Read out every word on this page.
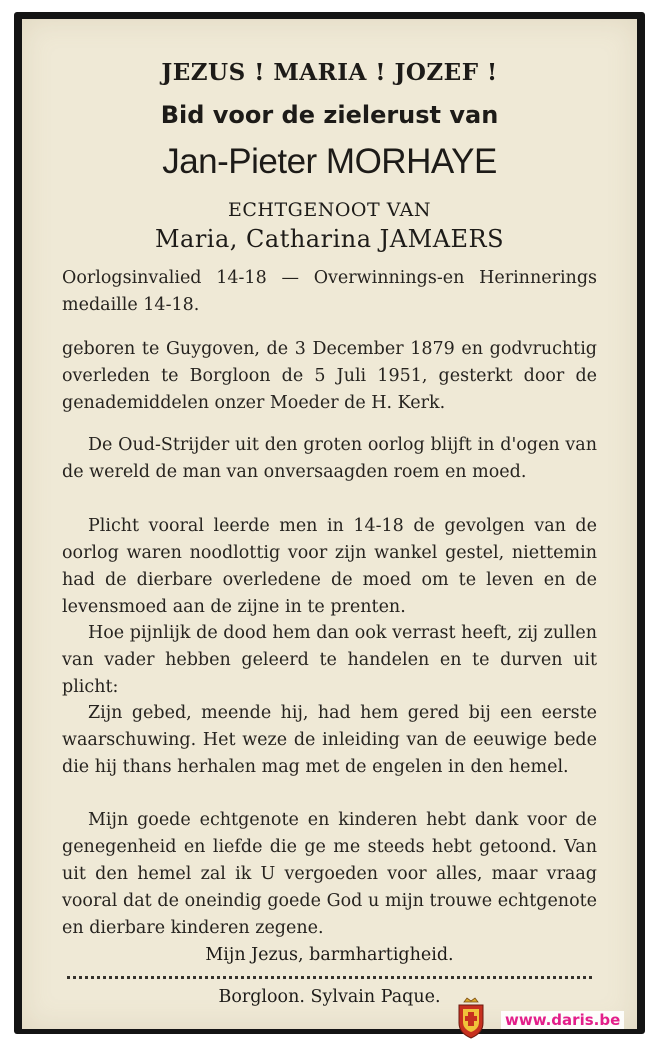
JEZUS ! MARIA ! JOZEF !
Bid voor de zielerust van
Jan-Pieter MORHAYE
ECHTGENOOT VAN
Maria, Catharina JAMAERS
Oorlogsinvalied 14-18 — Overwinnings-en Herinnerings medaille 14-18.
geboren te Guygoven, de 3 December 1879 en godvruchtig overleden te Borgloon de 5 Juli 1951, gesterkt door de genademiddelen onzer Moeder de H. Kerk.
De Oud-Strijder uit den groten oorlog blijft in d'ogen van de wereld de man van onversaagden roem en moed.
Plicht vooral leerde men in 14-18 de gevolgen van de oorlog waren noodlottig voor zijn wankel gestel, niettemin had de dierbare overledene de moed om te leven en de levensmoed aan de zijne in te prenten.
Hoe pijnlijk de dood hem dan ook verrast heeft, zij zullen van vader hebben geleerd te handelen en te durven uit plicht:
Zijn gebed, meende hij, had hem gered bij een eerste waarschuwing. Het weze de inleiding van de eeuwige bede die hij thans herhalen mag met de engelen in den hemel.
Mijn goede echtgenote en kinderen hebt dank voor de genegenheid en liefde die ge me steeds hebt getoond. Van uit den hemel zal ik U vergoeden voor alles, maar vraag vooral dat de oneindig goede God u mijn trouwe echtgenote en dierbare kinderen zegene.
Mijn Jezus, barmhartigheid.
Borgloon. Sylvain Paque.
www.daris.be
